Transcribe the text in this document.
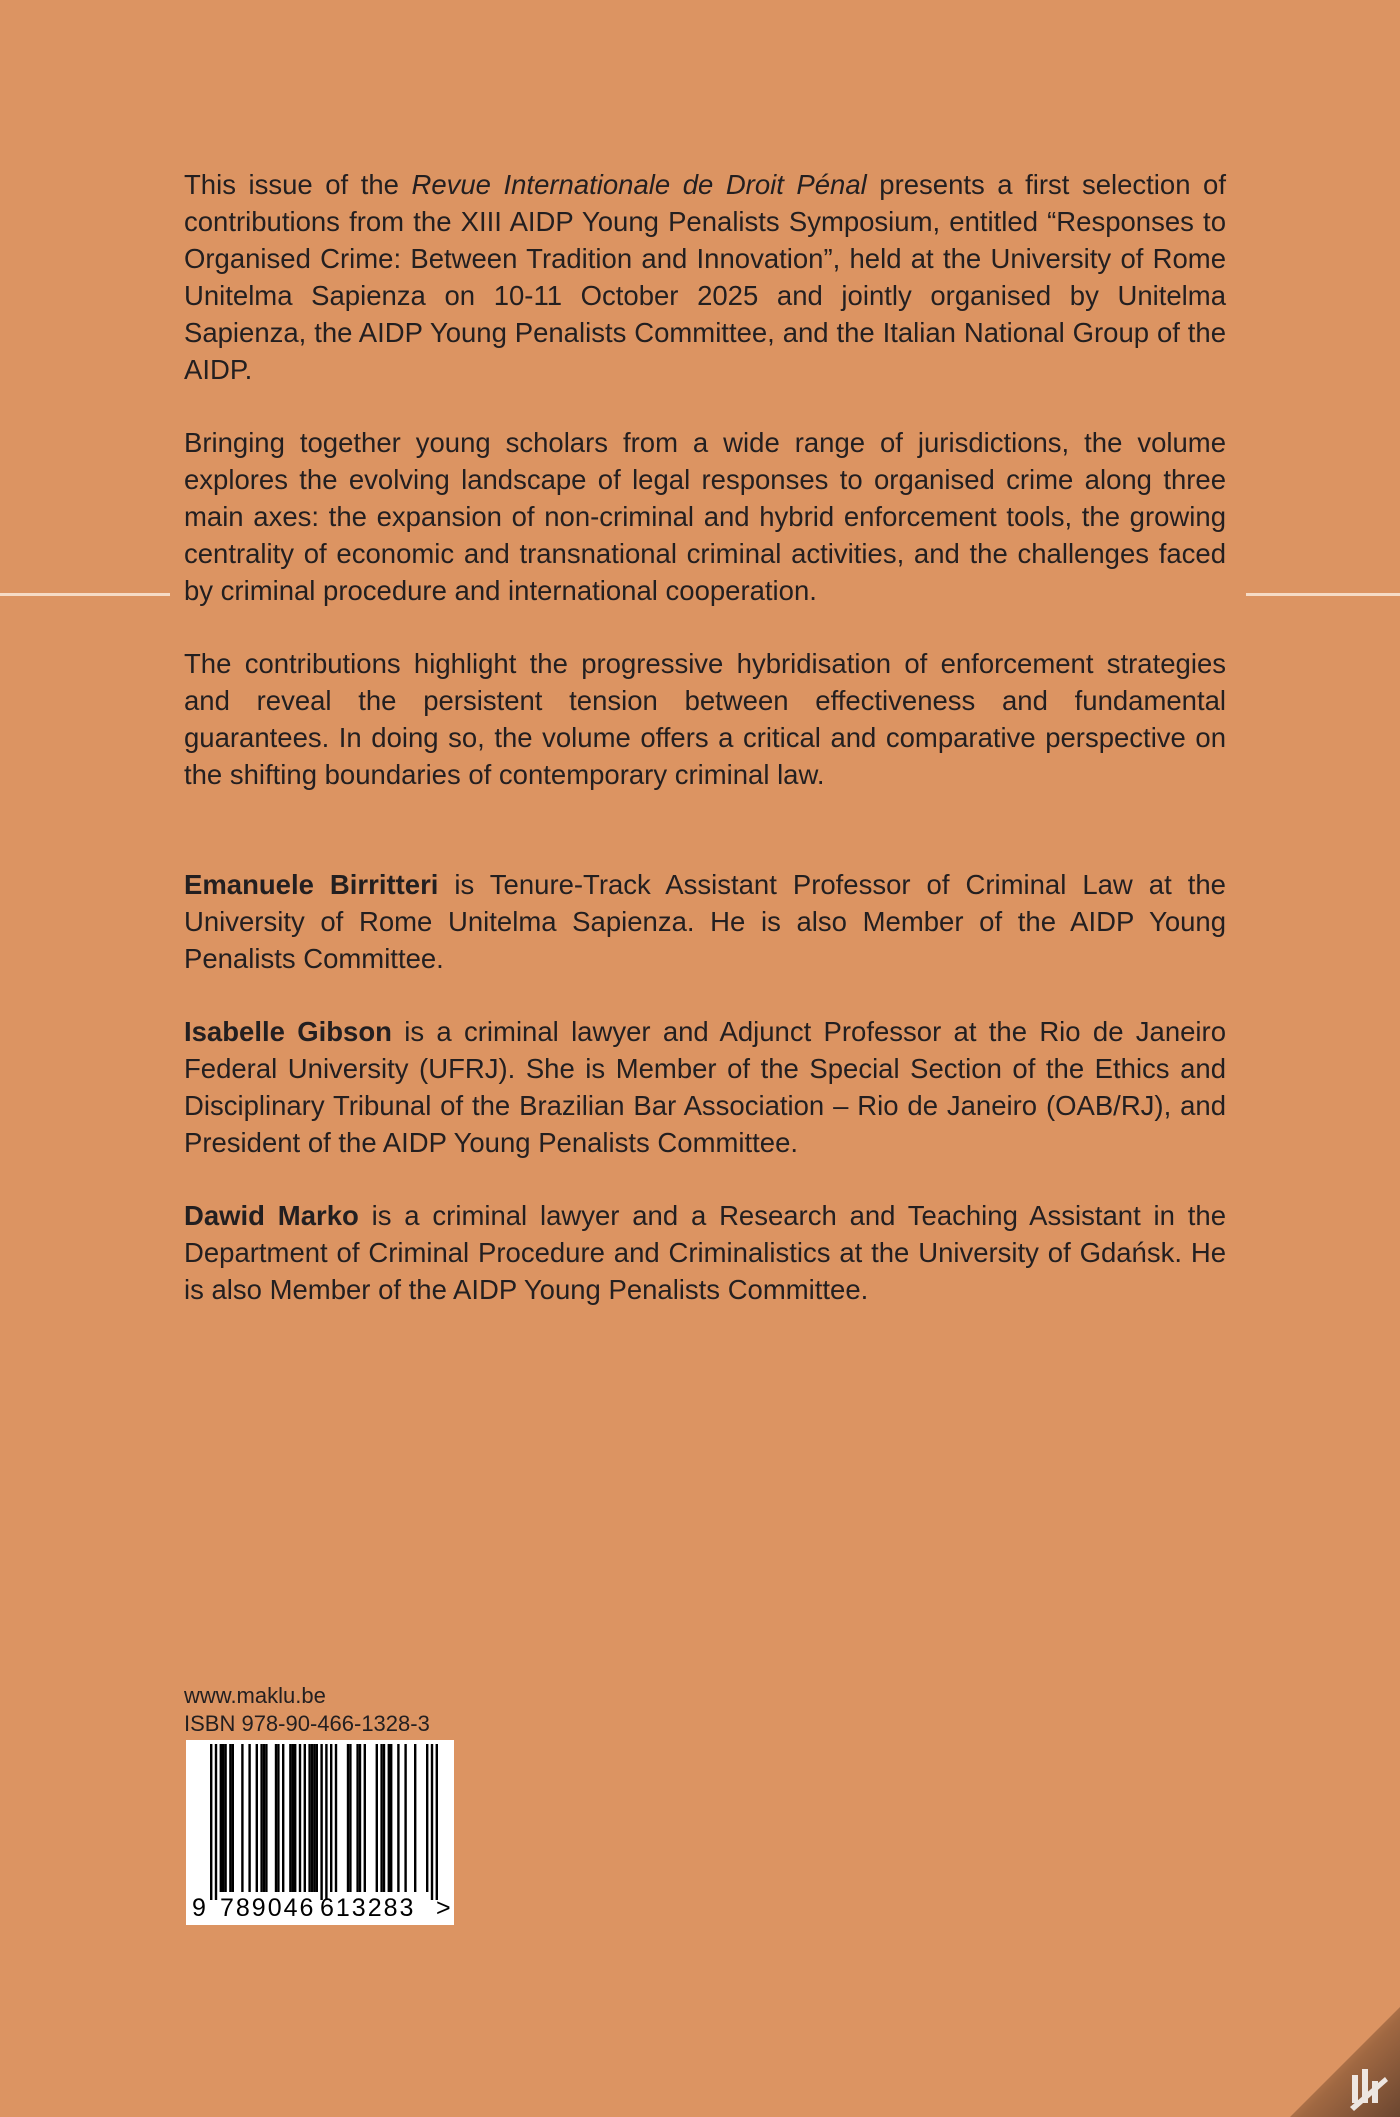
This issue of the Revue Internationale de Droit Pénal presents a first selection of contributions from the XIII AIDP Young Penalists Symposium, entitled “Responses to Organised Crime: Between Tradition and Innovation”, held at the University of Rome Unitelma Sapienza on 10-11 October 2025 and jointly organised by Unitelma Sapienza, the AIDP Young Penalists Committee, and the Italian National Group of the AIDP.

Bringing together young scholars from a wide range of jurisdictions, the volume explores the evolving landscape of legal responses to organised crime along three main axes: the expansion of non-criminal and hybrid enforcement tools, the growing centrality of economic and transnational criminal activities, and the challenges faced by criminal procedure and international cooperation.

The contributions highlight the progressive hybridisation of enforcement strategies and reveal the persistent tension between effectiveness and fundamental guarantees. In doing so, the volume offers a critical and comparative perspective on the shifting boundaries of contemporary criminal law.

Emanuele Birritteri is Tenure-Track Assistant Professor of Criminal Law at the University of Rome Unitelma Sapienza. He is also Member of the AIDP Young Penalists Committee.

Isabelle Gibson is a criminal lawyer and Adjunct Professor at the Rio de Janeiro Federal University (UFRJ). She is Member of the Special Section of the Ethics and Disciplinary Tribunal of the Brazilian Bar Association – Rio de Janeiro (OAB/RJ), and President of the AIDP Young Penalists Committee.

Dawid Marko is a criminal lawyer and a Research and Teaching Assistant in the Department of Criminal Procedure and Criminalistics at the University of Gdańsk. He is also Member of the AIDP Young Penalists Committee.

www.maklu.be
ISBN 978-90-466-1328-3
9 789046 613283 >
